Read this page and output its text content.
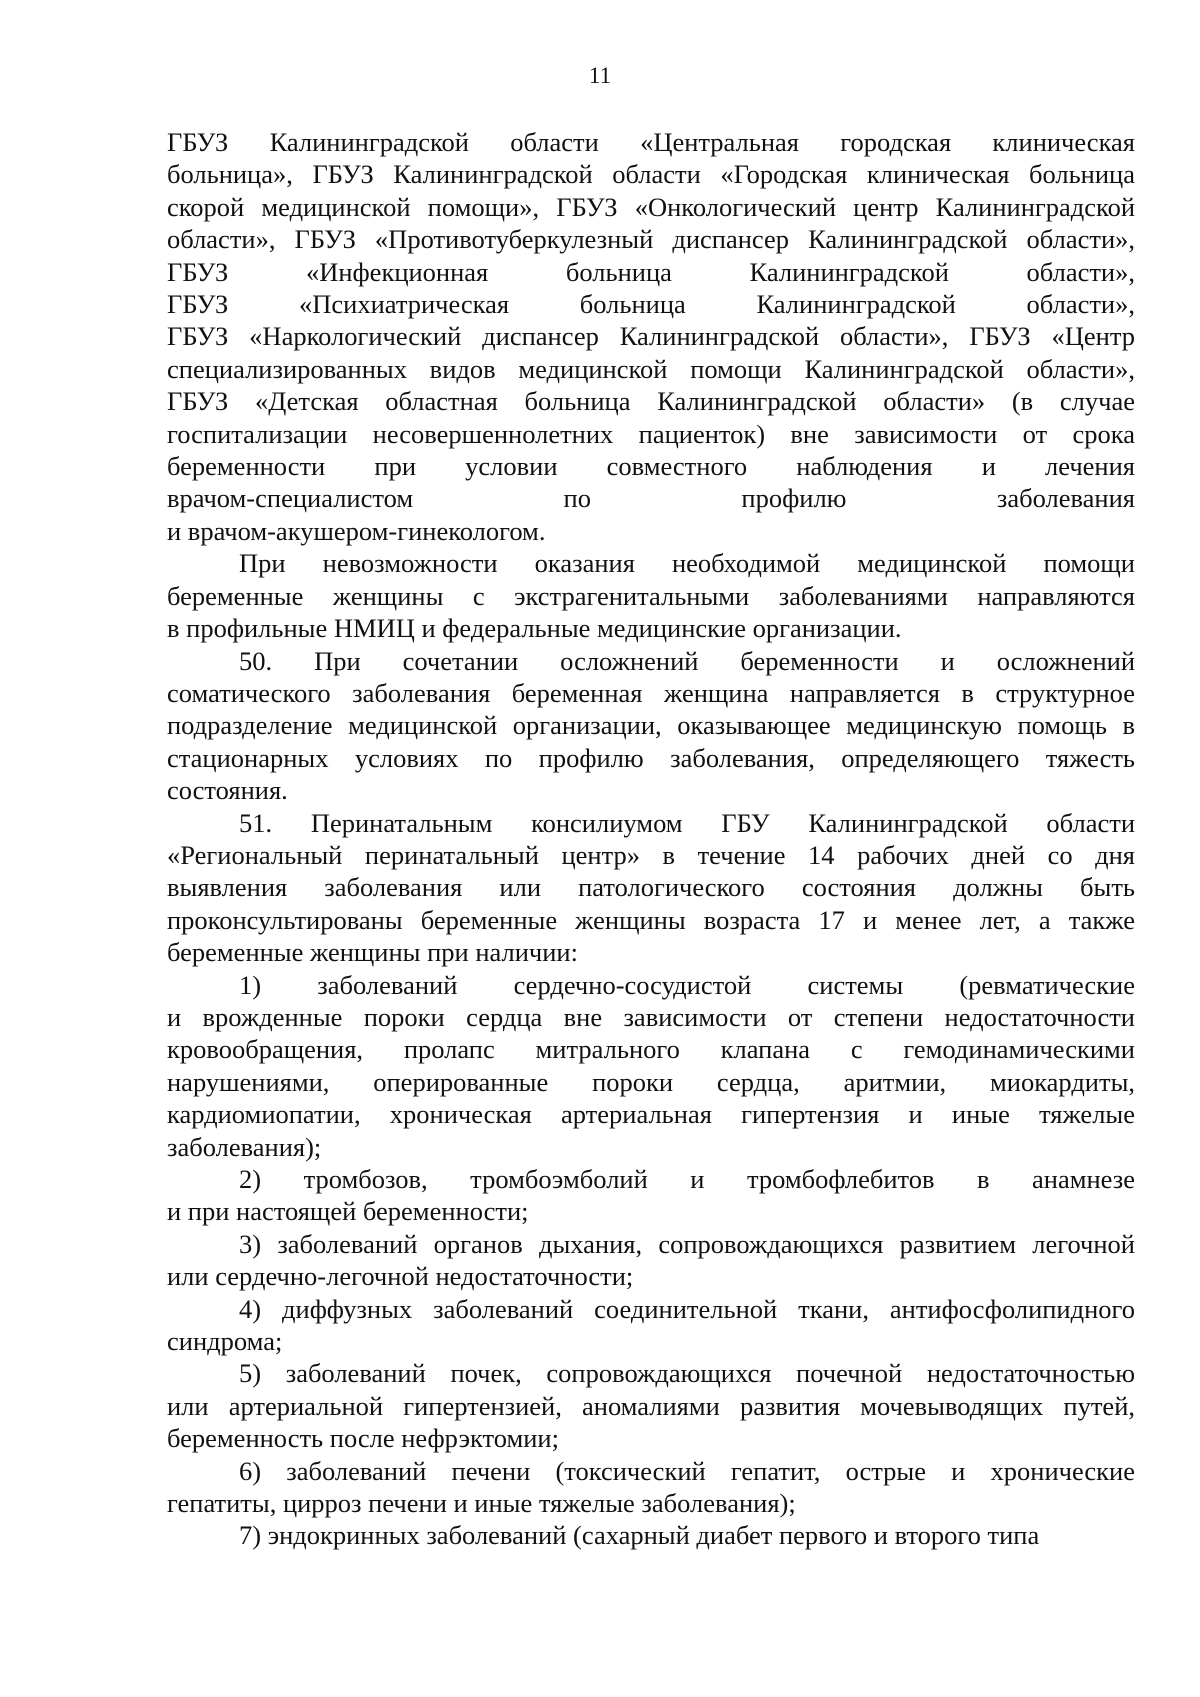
11
ГБУЗ Калининградской области «Центральная городская клиническая
больница», ГБУЗ Калининградской области «Городская клиническая больница
скорой медицинской помощи», ГБУЗ «Онкологический центр Калининградской
области», ГБУЗ «Противотуберкулезный диспансер Калининградской области»,
ГБУЗ «Инфекционная больница Калининградской области»,
ГБУЗ «Психиатрическая больница Калининградской области»,
ГБУЗ «Наркологический диспансер Калининградской области», ГБУЗ «Центр
специализированных видов медицинской помощи Калининградской области»,
ГБУЗ «Детская областная больница Калининградской области» (в случае
госпитализации несовершеннолетних пациенток) вне зависимости от срока
беременности при условии совместного наблюдения и лечения
врачом-специалистом по профилю заболевания
и врачом-акушером-гинекологом.
При невозможности оказания необходимой медицинской помощи
беременные женщины с экстрагенитальными заболеваниями направляются
в профильные НМИЦ и федеральные медицинские организации.
50. При сочетании осложнений беременности и осложнений
соматического заболевания беременная женщина направляется в структурное
подразделение медицинской организации, оказывающее медицинскую помощь в
стационарных условиях по профилю заболевания, определяющего тяжесть
состояния.
51. Перинатальным консилиумом ГБУ Калининградской области
«Региональный перинатальный центр» в течение 14 рабочих дней со дня
выявления заболевания или патологического состояния должны быть
проконсультированы беременные женщины возраста 17 и менее лет, а также
беременные женщины при наличии:
1) заболеваний сердечно-сосудистой системы (ревматические
и врожденные пороки сердца вне зависимости от степени недостаточности
кровообращения, пролапс митрального клапана с гемодинамическими
нарушениями, оперированные пороки сердца, аритмии, миокардиты,
кардиомиопатии, хроническая артериальная гипертензия и иные тяжелые
заболевания);
2) тромбозов, тромбоэмболий и тромбофлебитов в анамнезе
и при настоящей беременности;
3) заболеваний органов дыхания, сопровождающихся развитием легочной
или сердечно-легочной недостаточности;
4) диффузных заболеваний соединительной ткани, антифосфолипидного
синдрома;
5) заболеваний почек, сопровождающихся почечной недостаточностью
или артериальной гипертензией, аномалиями развития мочевыводящих путей,
беременность после нефрэктомии;
6) заболеваний печени (токсический гепатит, острые и хронические
гепатиты, цирроз печени и иные тяжелые заболевания);
7) эндокринных заболеваний (сахарный диабет первого и второго типа
